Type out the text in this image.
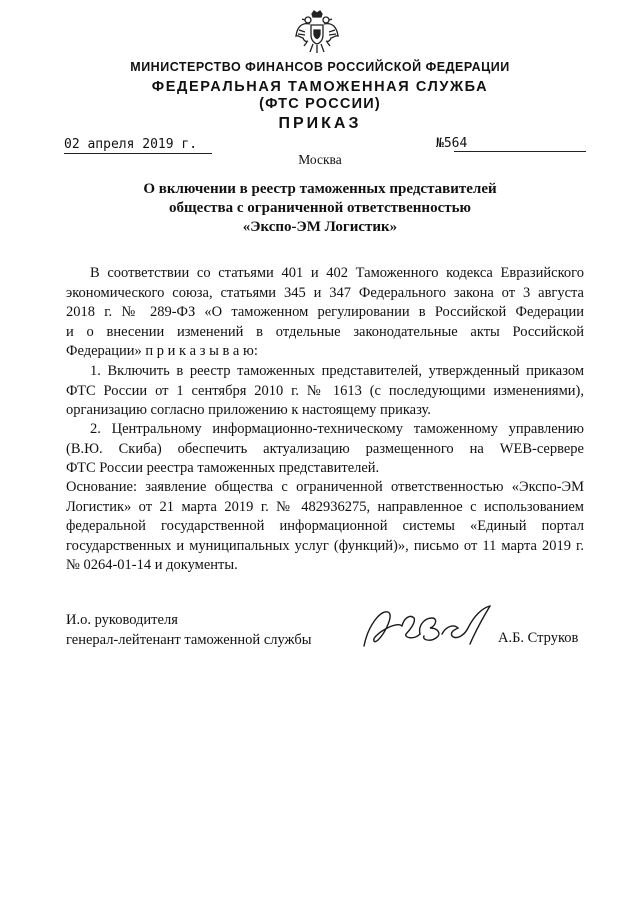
МИНИСТЕРСТВО ФИНАНСОВ РОССИЙСКОЙ ФЕДЕРАЦИИ
ФЕДЕРАЛЬНАЯ ТАМОЖЕННАЯ СЛУЖБА
(ФТС РОССИИ)
ПРИКАЗ
02 апреля 2019 г.	№564
Москва
О включении в реестр таможенных представителей
общества с ограниченной ответственностью
«Экспо-ЭМ Логистик»
В соответствии со статьями 401 и 402 Таможенного кодекса Евразийского
экономического союза, статьями 345 и 347 Федерального закона от 3 августа
2018 г. № 289-ФЗ «О таможенном регулировании в Российской Федерации
и о внесении изменений в отдельные законодательные акты Российской
Федерации» п р и к а з ы в а ю:
1. Включить в реестр таможенных представителей, утвержденный приказом
ФТС России от 1 сентября 2010 г. № 1613 (с последующими изменениями),
организацию согласно приложению к настоящему приказу.
2. Центральному информационно-техническому таможенному управлению
(В.Ю. Скиба) обеспечить актуализацию размещенного на WEB-сервере
ФТС России реестра таможенных представителей.
Основание: заявление общества с ограниченной ответственностью «Экспо-ЭМ
Логистик» от 21 марта 2019 г. № 482936275, направленное с использованием
федеральной государственной информационной системы «Единый портал
государственных и муниципальных услуг (функций)», письмо от 11 марта 2019 г.
№ 0264-01-14 и документы.
И.о. руководителя
генерал-лейтенант таможенной службы	А.Б. Струков
